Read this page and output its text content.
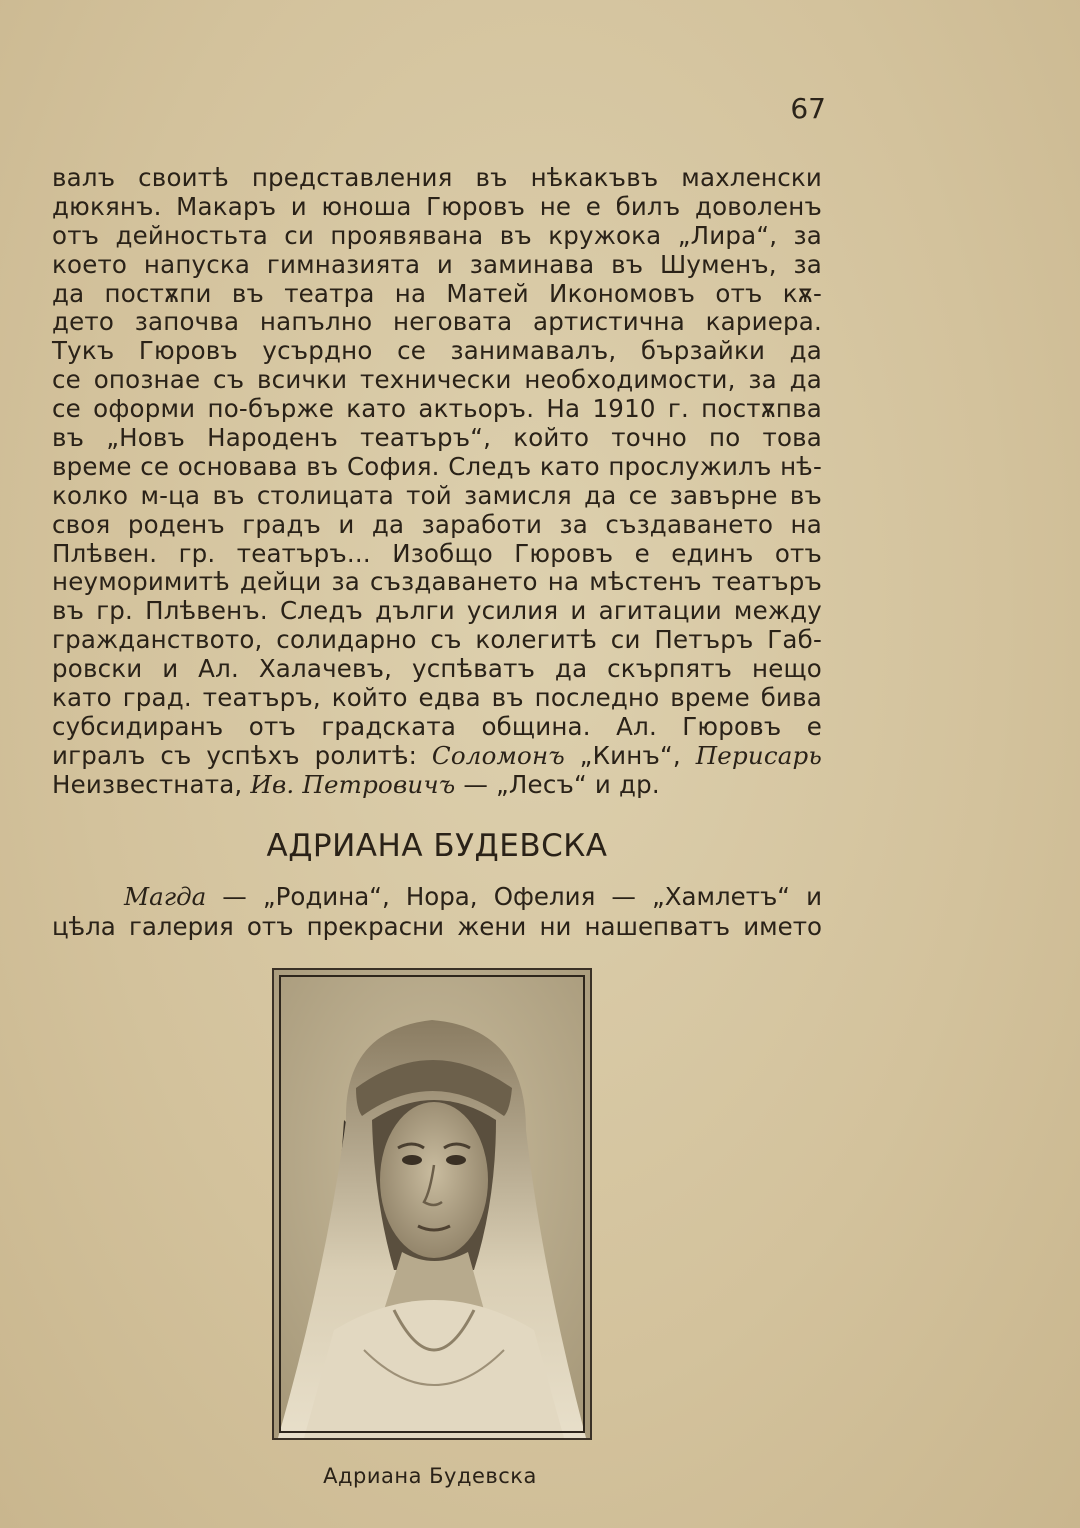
67
валъ своитѣ представления въ нѣкакъвъ махленски
дюкянъ. Макаръ и юноша Гюровъ не е билъ доволенъ
отъ дейностьта си проявявана въ кружока „Лира“, за
което напуска гимназията и заминава въ Шуменъ, за
да постѫпи въ театра на Матей Икономовъ отъ кѫ-
дето започва напълно неговата артистична кариера.
Тукъ Гюровъ усърдно се занимавалъ, бързайки да
се опознае съ всички технически необходимости, за да
се оформи по-бърже като актьоръ. На 1910 г. постѫпва
въ „Новъ Народенъ театъръ“, който точно по това
време се основава въ София. Следъ като прослужилъ нѣ-
колко м-ца въ столицата той замисля да се завърне въ
своя роденъ градъ и да заработи за създаването на
Плѣвен. гр. театъръ... Изобщо Гюровъ е единъ отъ
неуморимитѣ дейци за създаването на мѣстенъ театъръ
въ гр. Плѣвенъ. Следъ дълги усилия и агитации между
гражданството, солидарно съ колегитѣ си Петъръ Габ-
ровски и Ал. Халачевъ, успѣватъ да скърпятъ нещо
като град. театъръ, който едва въ последно време бива
субсидиранъ отъ градската община. Ал. Гюровъ е
игралъ съ успѣхъ ролитѣ: Соломонъ „Кинъ“, Перисарь
Неизвестната, Ив. Петровичъ — „Лесъ“ и др.
АДРИАНА БУДЕВСКА
Магда — „Родина“, Нора, Офелия — „Хамлетъ“ и
цѣла галерия отъ прекрасни жени ни нашепватъ името
Адриана Будевска
